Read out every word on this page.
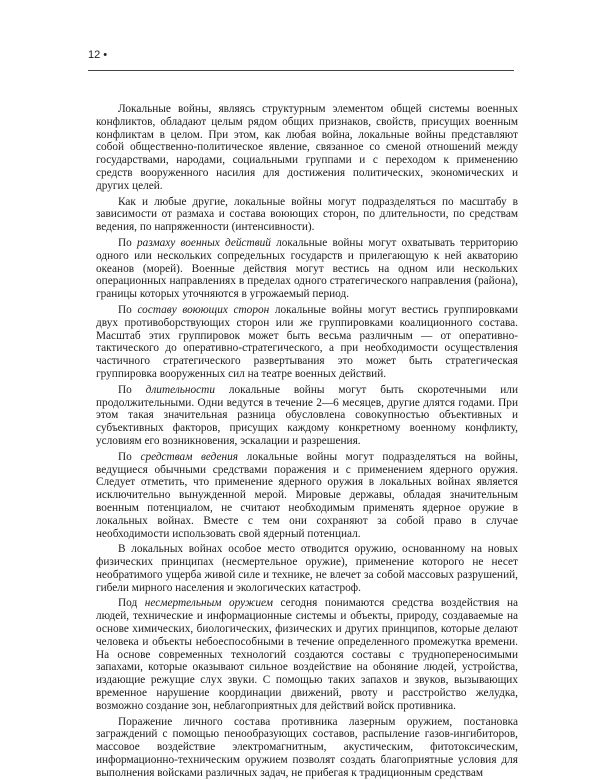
12 •

Локальные войны, являясь структурным элементом общей системы военных конфликтов, обладают целым рядом общих признаков, свойств, присущих военным конфликтам в целом. При этом, как любая война, локальные войны представляют собой общественно-политическое явление, связанное со сменой отношений между государствами, народами, социальными группами и с переходом к применению средств вооруженного насилия для достижения политических, экономических и других целей.

Как и любые другие, локальные войны могут подразделяться по масштабу в зависимости от размаха и состава воюющих сторон, по длительности, по средствам ведения, по напряженности (интенсивности).

По размаху военных действий локальные войны могут охватывать территорию одного или нескольких сопредельных государств и прилегающую к ней акваторию океанов (морей). Военные действия могут вестись на одном или нескольких операционных направлениях в пределах одного стратегического направления (района), границы которых уточняются в угрожаемый период.

По составу воюющих сторон локальные войны могут вестись группировками двух противоборствующих сторон или же группировками коалиционного состава. Масштаб этих группировок может быть весьма различным — от оперативно-тактического до оперативно-стратегического, а при необходимости осуществления частичного стратегического развертывания это может быть стратегическая группировка вооруженных сил на театре военных действий.

По длительности локальные войны могут быть скоротечными или продолжительными. Одни ведутся в течение 2—6 месяцев, другие длятся годами. При этом такая значительная разница обусловлена совокупностью объективных и субъективных факторов, присущих каждому конкретному военному конфликту, условиям его возникновения, эскалации и разрешения.

По средствам ведения локальные войны могут подразделяться на войны, ведущиеся обычными средствами поражения и с применением ядерного оружия. Следует отметить, что применение ядерного оружия в локальных войнах является исключительно вынужденной мерой. Мировые державы, обладая значительным военным потенциалом, не считают необходимым применять ядерное оружие в локальных войнах. Вместе с тем они сохраняют за собой право в случае необходимости использовать свой ядерный потенциал.

В локальных войнах особое место отводится оружию, основанному на новых физических принципах (несмертельное оружие), применение которого не несет необратимого ущерба живой силе и технике, не влечет за собой массовых разрушений, гибели мирного населения и экологических катастроф.

Под несмертельным оружием сегодня понимаются средства воздействия на людей, технические и информационные системы и объекты, природу, создаваемые на основе химических, биологических, физических и других принципов, которые делают человека и объекты небоеспособными в течение определенного промежутка времени. На основе современных технологий создаются составы с труднопереносимыми запахами, которые оказывают сильное воздействие на обоняние людей, устройства, издающие режущие слух звуки. С помощью таких запахов и звуков, вызывающих временное нарушение координации движений, рвоту и расстройство желудка, возможно создание зон, неблагоприятных для действий войск противника.

Поражение личного состава противника лазерным оружием, постановка заграждений с помощью пенообразующих составов, распыление газов-ингибиторов, массовое воздействие электромагнитным, акустическим, фитотоксическим, информационно-техническим оружием позволят создать благоприятные условия для выполнения войсками различных задач, не прибегая к традиционным средствам
